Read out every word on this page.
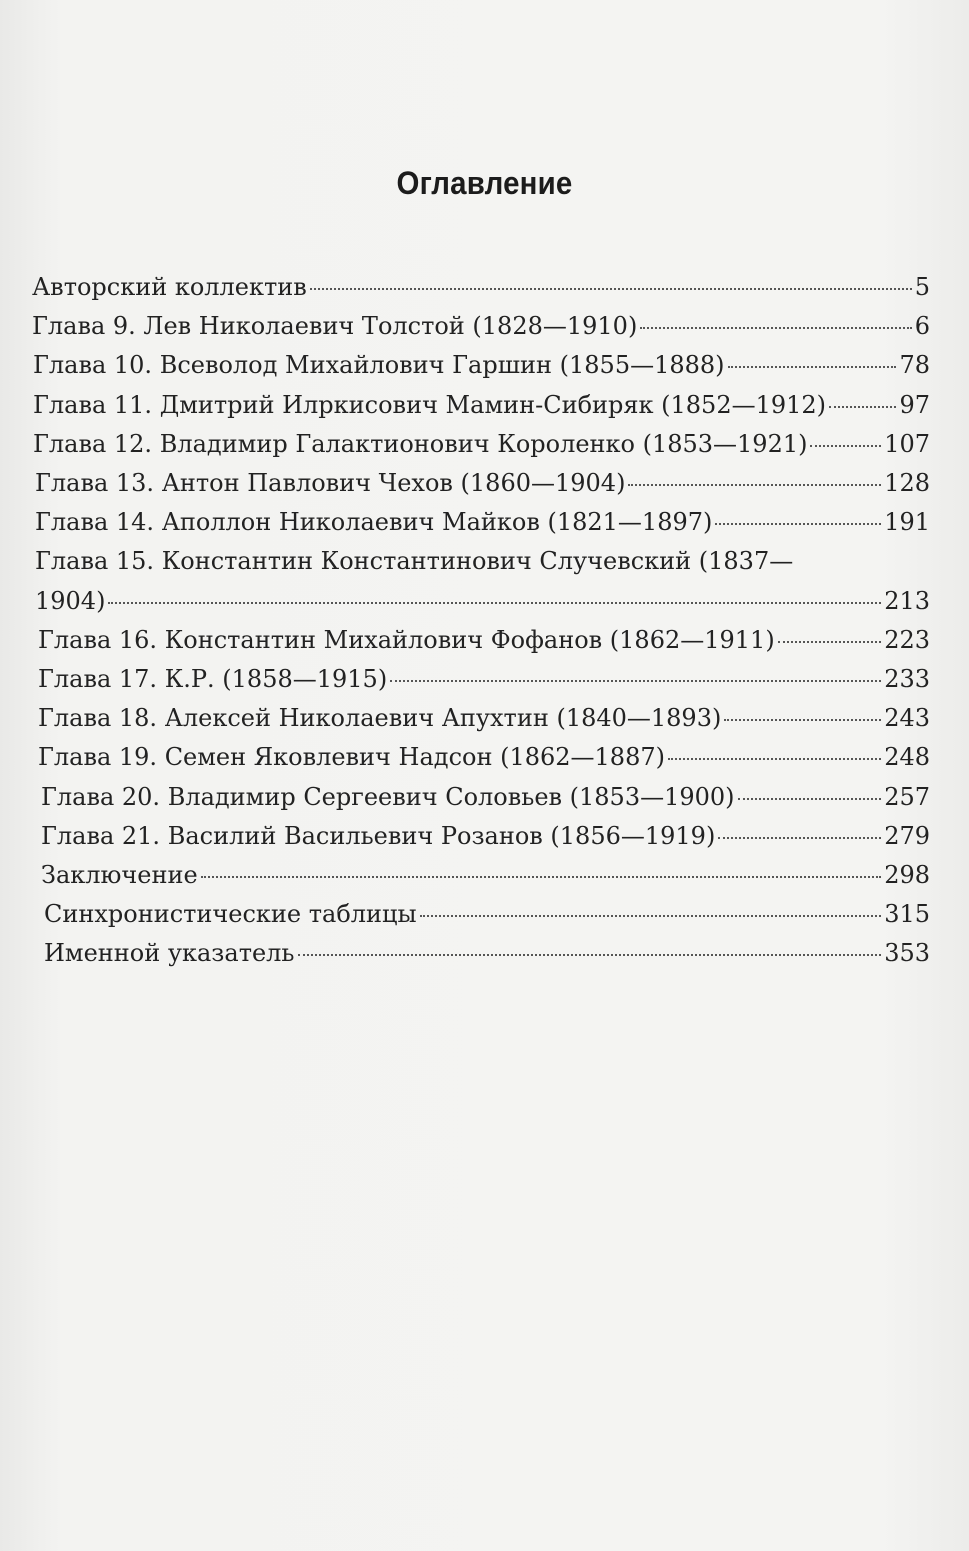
Оглавление
Авторский коллектив	5
Глава 9. Лев Николаевич Толстой (1828—1910)	6
Глава 10. Всеволод Михайлович Гаршин (1855—1888)	78
Глава 11. Дмитрий Илркисович Мамин-Сибиряк (1852—1912)	97
Глава 12. Владимир Галактионович Короленко (1853—1921)	107
Глава 13. Антон Павлович Чехов (1860—1904)	128
Глава 14. Аполлон Николаевич Майков (1821—1897)	191
Глава 15. Константин Константинович Случевский (1837—
1904)	213
Глава 16. Константин Михайлович Фофанов (1862—1911)	223
Глава 17. К.Р. (1858—1915)	233
Глава 18. Алексей Николаевич Апухтин (1840—1893)	243
Глава 19. Семен Яковлевич Надсон (1862—1887)	248
Глава 20. Владимир Сергеевич Соловьев (1853—1900)	257
Глава 21. Василий Васильевич Розанов (1856—1919)	279
Заключение	298
Синхронистические таблицы	315
Именной указатель	353
